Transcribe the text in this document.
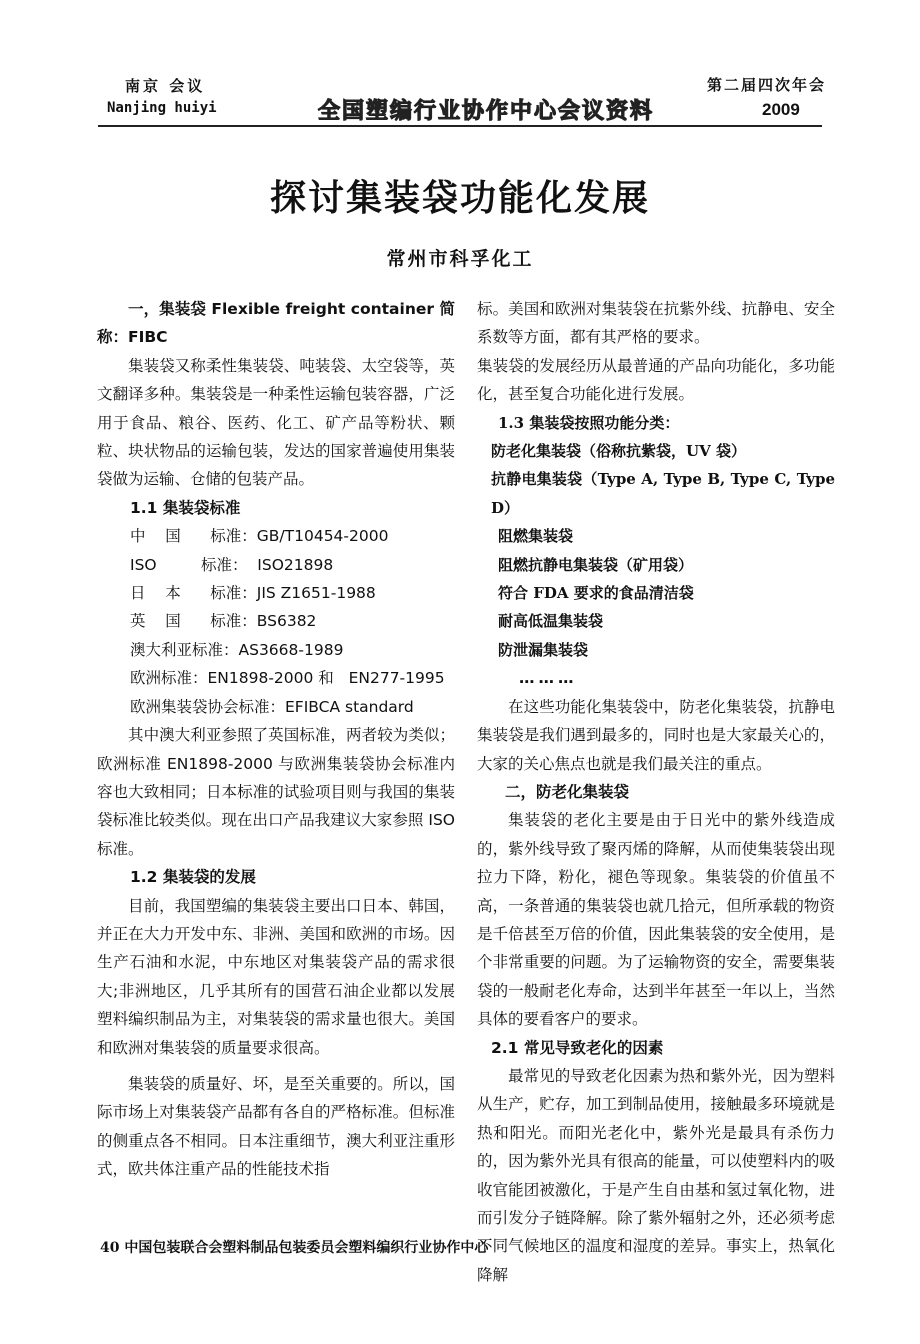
南京 会议
Nanjing huiyi	全国塑编行业协作中心会议资料
第二届四次年会
2009
探讨集装袋功能化发展
常州市科孚化工

一，集装袋 Flexible freight container 简称：FIBC

集装袋又称柔性集装袋、吨装袋、太空袋等，英文翻译多种。集装袋是一种柔性运输包装容器，广泛用于食品、粮谷、医药、化工、矿产品等粉状、颗粒、块状物品的运输包装，发达的国家普遍使用集装袋做为运输、仓储的包装产品。

1.1 集装袋标准

中    国      标准：GB/T10454-2000

ISO         标准：  ISO21898

日    本      标准：JIS Z1651-1988

英    国      标准：BS6382

澳大利亚标准：AS3668-1989

欧洲标准：EN1898-2000 和   EN277-1995

欧洲集装袋协会标准：EFIBCA standard

其中澳大利亚参照了英国标准，两者较为类似；欧洲标准 EN1898-2000 与欧洲集装袋协会标准内容也大致相同；日本标准的试验项目则与我国的集装袋标准比较类似。现在出口产品我建议大家参照 ISO 标准。

1.2 集装袋的发展

目前，我国塑编的集装袋主要出口日本、韩国，并正在大力开发中东、非洲、美国和欧洲的市场。因生产石油和水泥，中东地区对集装袋产品的需求很大;非洲地区，几乎其所有的国营石油企业都以发展塑料编织制品为主，对集装袋的需求量也很大。美国和欧洲对集装袋的质量要求很高。

集装袋的质量好、坏，是至关重要的。所以，国际市场上对集装袋产品都有各自的严格标准。但标准的侧重点各不相同。日本注重细节，澳大利亚注重形式，欧共体注重产品的性能技术指

标。美国和欧洲对集装袋在抗紫外线、抗静电、安全系数等方面，都有其严格的要求。

集装袋的发展经历从最普通的产品向功能化，多功能化，甚至复合功能化进行发展。

1.3 集装袋按照功能分类：

防老化集装袋（俗称抗紫袋，UV 袋）

抗静电集装袋（Type A, Type B, Type C, Type D）

阻燃集装袋

阻燃抗静电集装袋（矿用袋）

符合 FDA 要求的食品清洁袋

耐高低温集装袋

防泄漏集装袋

………

在这些功能化集装袋中，防老化集装袋，抗静电集装袋是我们遇到最多的，同时也是大家最关心的，大家的关心焦点也就是我们最关注的重点。

二，防老化集装袋

集装袋的老化主要是由于日光中的紫外线造成的，紫外线导致了聚丙烯的降解，从而使集装袋出现拉力下降，粉化，褪色等现象。集装袋的价值虽不高，一条普通的集装袋也就几拾元，但所承载的物资是千倍甚至万倍的价值，因此集装袋的安全使用，是个非常重要的问题。为了运输物资的安全，需要集装袋的一般耐老化寿命，达到半年甚至一年以上，当然具体的要看客户的要求。

2.1 常见导致老化的因素

最常见的导致老化因素为热和紫外光，因为塑料从生产，贮存，加工到制品使用，接触最多环境就是热和阳光。而阳光老化中，紫外光是最具有杀伤力的，因为紫外光具有很高的能量，可以使塑料内的吸收官能团被激化，于是产生自由基和氢过氧化物，进而引发分子链降解。除了紫外辐射之外，还必须考虑不同气候地区的温度和湿度的差异。事实上，热氧化降解

40 中国包装联合会塑料制品包装委员会塑料编织行业协作中心
